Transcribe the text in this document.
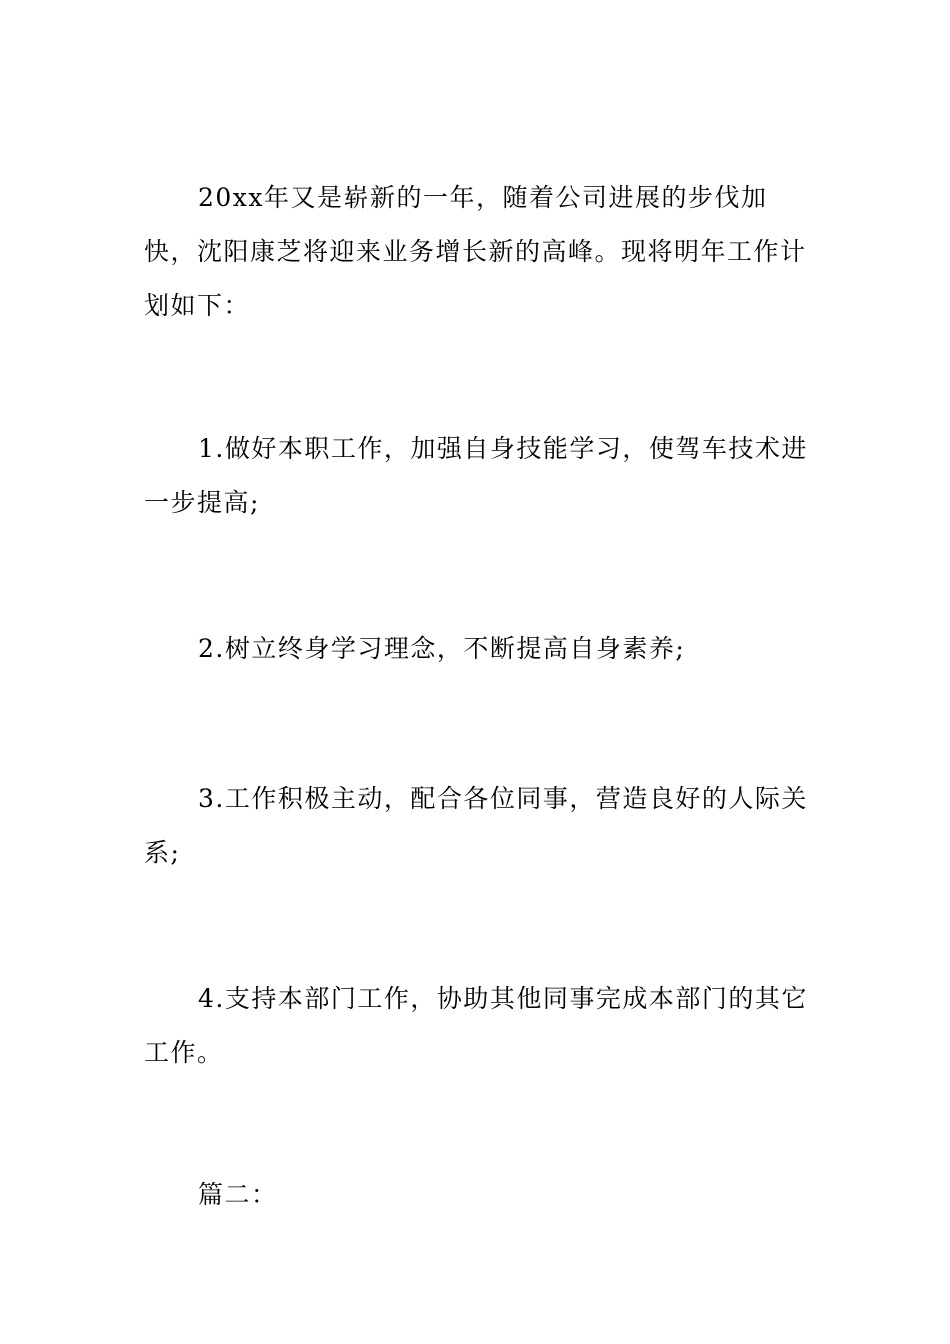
20xx年又是崭新的一年，随着公司进展的步伐加快，沈阳康芝将迎来业务增长新的高峰。现将明年工作计划如下：

1.做好本职工作，加强自身技能学习，使驾车技术进一步提高;

2.树立终身学习理念，不断提高自身素养;

3.工作积极主动，配合各位同事，营造良好的人际关系;

4.支持本部门工作，协助其他同事完成本部门的其它工作。

篇二：
